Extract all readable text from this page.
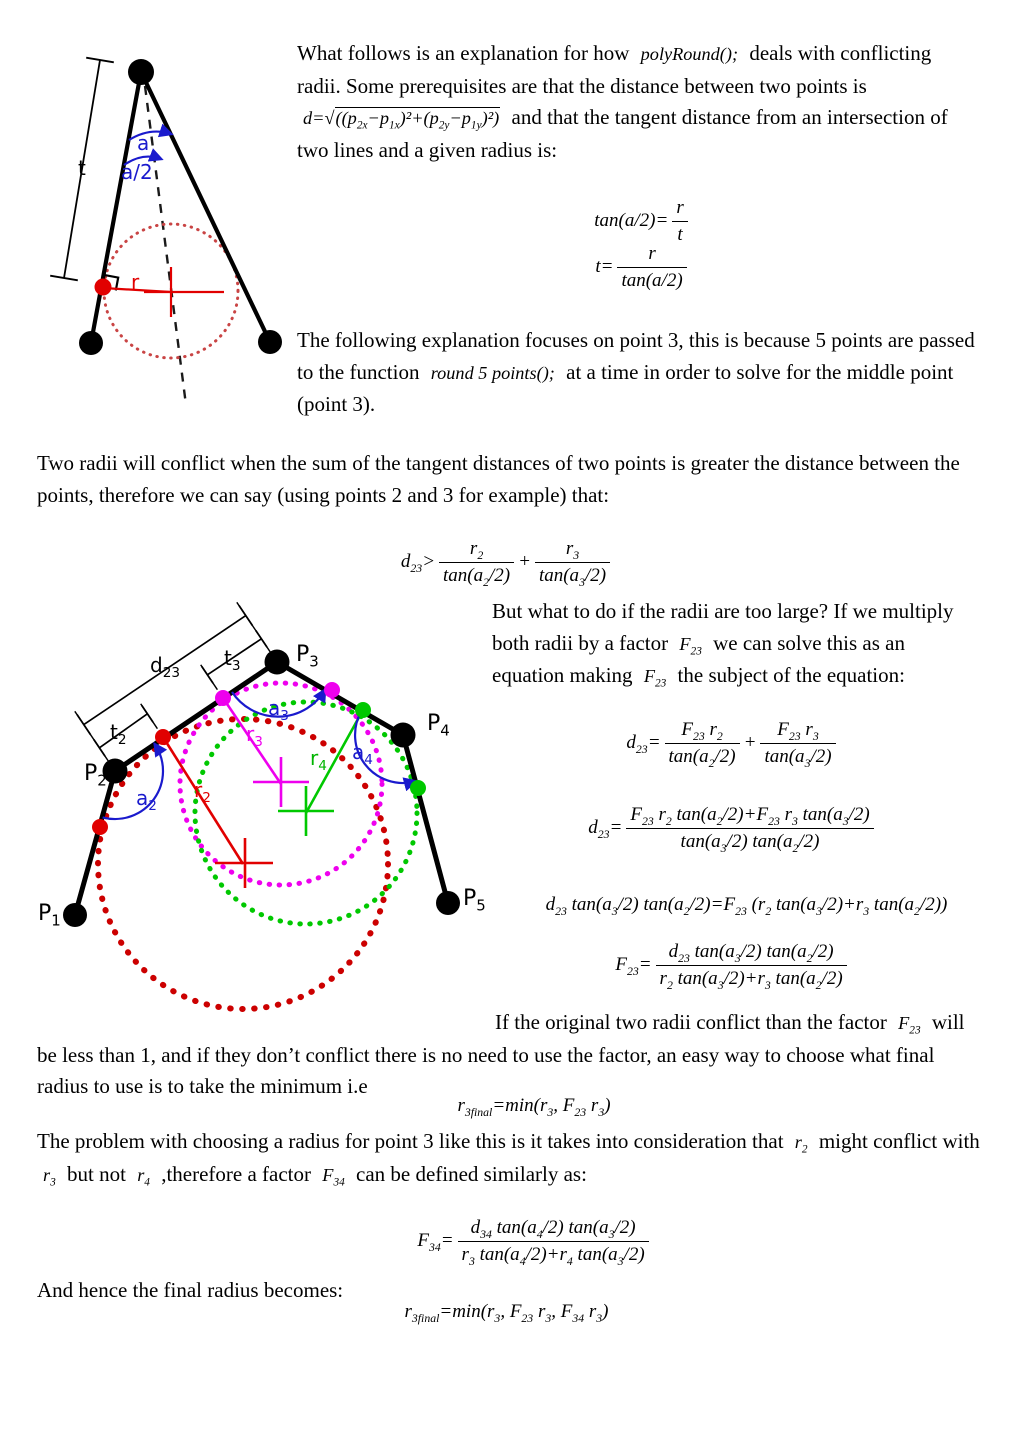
t
a
a/2
r
What follows is an explanation for how polyRound(); deals with conflicting radii. Some prerequisites are that the distance between two points is $d=√((p_{2x}-p_{1x})^2+(p_{2y}-p_{1y})^2)$ and that the tangent distance from an intersection of two lines and a given radius is:
$\tan(a/2)= \frac{r}{t}$
$t= \frac{r}{\tan(a/2)}$
The following explanation focuses on point 3, this is because 5 points are passed to the function round 5 points(); at a time in order to solve for the middle point (point 3).
Two radii will conflict when the sum of the tangent distances of two points is greater the distance between the points, therefore we can say (using points 2 and 3 for example) that:
$d_{23}> \frac{r_2}{\tan(a_2/2)} + \frac{r_3}{\tan(a_3/2)}$
$P_1$
$P_2$
$P_3$
$P_4$
$P_5$
$d_{23}$
$t_2$
$t_3$
$a_2$
$a_3$
$a_4$
$r_2$
$r_3$
$r_4$
But what to do if the radii are too large? If we multiply both radii by a factor $F_{23}$ we can solve this as an equation making $F_{23}$ the subject of the equation:
$d_{23}= \frac{F_{23} r_2}{\tan(a_2/2)} + \frac{F_{23} r_3}{\tan(a_3/2)}$
$d_{23}= \frac{F_{23} r_2 \tan(a_2/2)+F_{23} r_3 \tan(a_3/2)}{\tan(a_3/2) \tan(a_2/2)}$
$d_{23}$ $\tan(a_3/2)$ $\tan(a_2/2)=F_{23}$ ($r_2$ $\tan(a_3/2)+r_3$ $\tan(a_2/2)$)
$F_{23}= \frac{d_{23} \tan(a_3/2) \tan(a_2/2)}{r_2 \tan(a_3/2)+r_3 \tan(a_2/2)}$
If the original two radii conflict than the factor $F_{23}$ will be less than 1, and if they don’t conflict there is no need to use the factor, an easy way to choose what final radius to use is to take the minimum i.e
$r_{3final}=\min(r_3$, $F_{23}$ $r_3$)
The problem with choosing a radius for point 3 like this is it takes into consideration that $r_2$ might conflict with $r_3$ but not $r_4$ ,therefore a factor $F_{34}$ can be defined similarly as:
$F_{34}= \frac{d_{34} \tan(a_4/2) \tan(a_3/2)}{r_3 \tan(a_4/2)+r_4 \tan(a_3/2)}$
And hence the final radius becomes:
$r_{3final}=\min(r_3$, $F_{23}$ $r_3$, $F_{34}$ $r_3$)
